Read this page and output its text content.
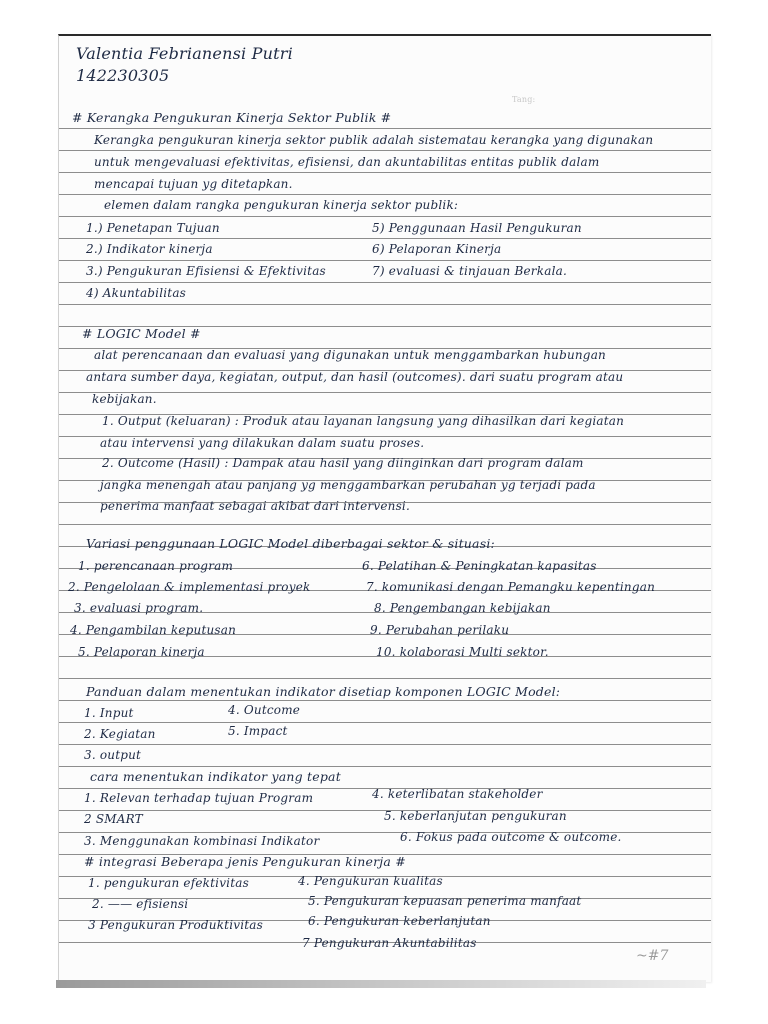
Valentia Febrianensi Putri
142230305
Tang:
# Kerangka Pengukuran Kinerja Sektor Publik #
Kerangka pengukuran kinerja sektor publik adalah sistematau kerangka yang digunakan
untuk mengevaluasi efektivitas, efisiensi, dan akuntabilitas entitas publik dalam
mencapai tujuan yg ditetapkan.
elemen dalam rangka pengukuran kinerja sektor publik:
1.) Penetapan Tujuan
2.) Indikator kinerja
3.) Pengukuran Efisiensi & Efektivitas
4) Akuntabilitas
5) Penggunaan Hasil Pengukuran
6) Pelaporan Kinerja
7) evaluasi & tinjauan Berkala.
# LOGIC Model #
alat perencanaan dan evaluasi yang digunakan untuk menggambarkan hubungan
antara sumber daya, kegiatan, output, dan hasil (outcomes). dari suatu program atau
kebijakan.
1. Output (keluaran) : Produk atau layanan langsung yang dihasilkan dari kegiatan
atau intervensi yang dilakukan dalam suatu proses.
2. Outcome (Hasil) : Dampak atau hasil yang diinginkan dari program dalam
jangka menengah atau panjang yg menggambarkan perubahan yg terjadi pada
penerima manfaat sebagai akibat dari intervensi.
Variasi penggunaan LOGIC Model diberbagai sektor & situasi:
1. perencanaan program
2. Pengelolaan & implementasi proyek
3. evaluasi program.
4. Pengambilan keputusan
5. Pelaporan kinerja
6. Pelatihan & Peningkatan kapasitas
7. komunikasi dengan Pemangku kepentingan
8. Pengembangan kebijakan
9. Perubahan perilaku
10. kolaborasi Multi sektor.
Panduan dalam menentukan indikator disetiap komponen LOGIC Model:
1. Input
2. Kegiatan
3. output
4. Outcome
5. Impact
cara menentukan indikator yang tepat
1. Relevan terhadap tujuan Program
2 SMART
3. Menggunakan kombinasi Indikator
4. keterlibatan stakeholder
5. keberlanjutan pengukuran
6. Fokus pada outcome & outcome.
# integrasi Beberapa jenis Pengukuran kinerja #
1. pengukuran efektivitas
2. —— efisiensi
3 Pengukuran Produktivitas
4. Pengukuran kualitas
5. Pengukuran kepuasan penerima manfaat
6. Pengukuran keberlanjutan
7 Pengukuran Akuntabilitas
~#7
